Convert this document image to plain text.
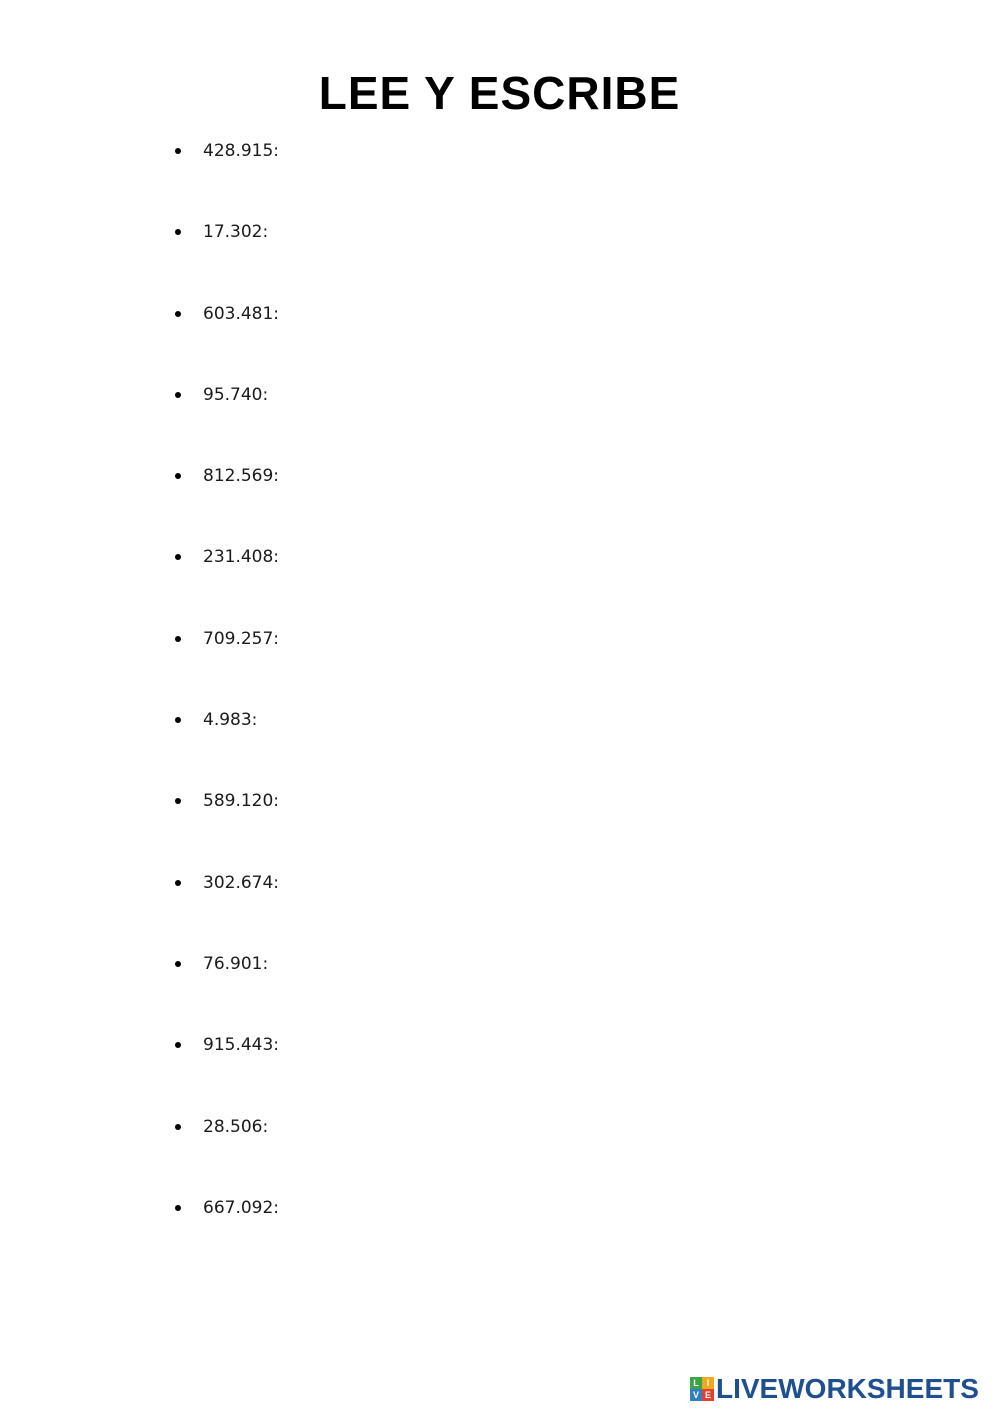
LEE Y ESCRIBE
428.915:
17.302:
603.481:
95.740:
812.569:
231.408:
709.257:
4.983:
589.120:
302.674:
76.901:
915.443:
28.506:
667.092:
L I
V E LIVEWORKSHEETS
